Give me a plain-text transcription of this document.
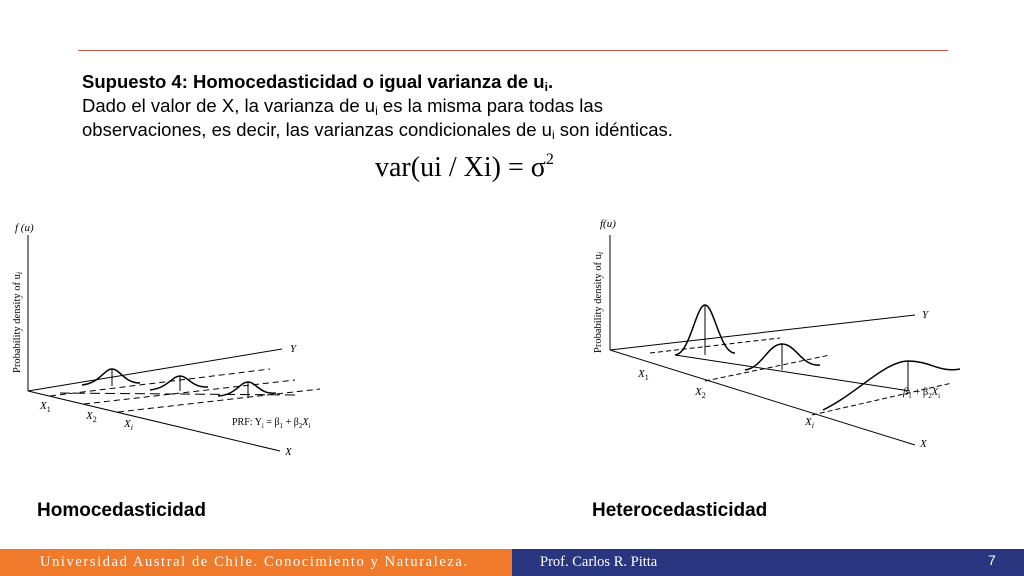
Supuesto 4: Homocedasticidad o igual varianza de $u_i$.
Dado el valor de X, la varianza de $u_i$ es la misma para todas las observaciones, es decir, las varianzas condicionales de $u_i$ son idénticas.
$var(ui / Xi) = \sigma^2$
f (u)
Probability density of ui
Y
X
$X_1$
$X_2$ $X_i$	PRF: $Y_i = \beta_1 + \beta_2X_i$
f(u)
Probability density of ui
Y
X
$X_1$
$X_2$
$X_i$
$\beta_1 + \beta_2X_i$
Homocedasticidad	Heterocedasticidad
Universidad Austral de Chile. Conocimiento y Naturaleza.	Prof. Carlos R. Pitta	7
